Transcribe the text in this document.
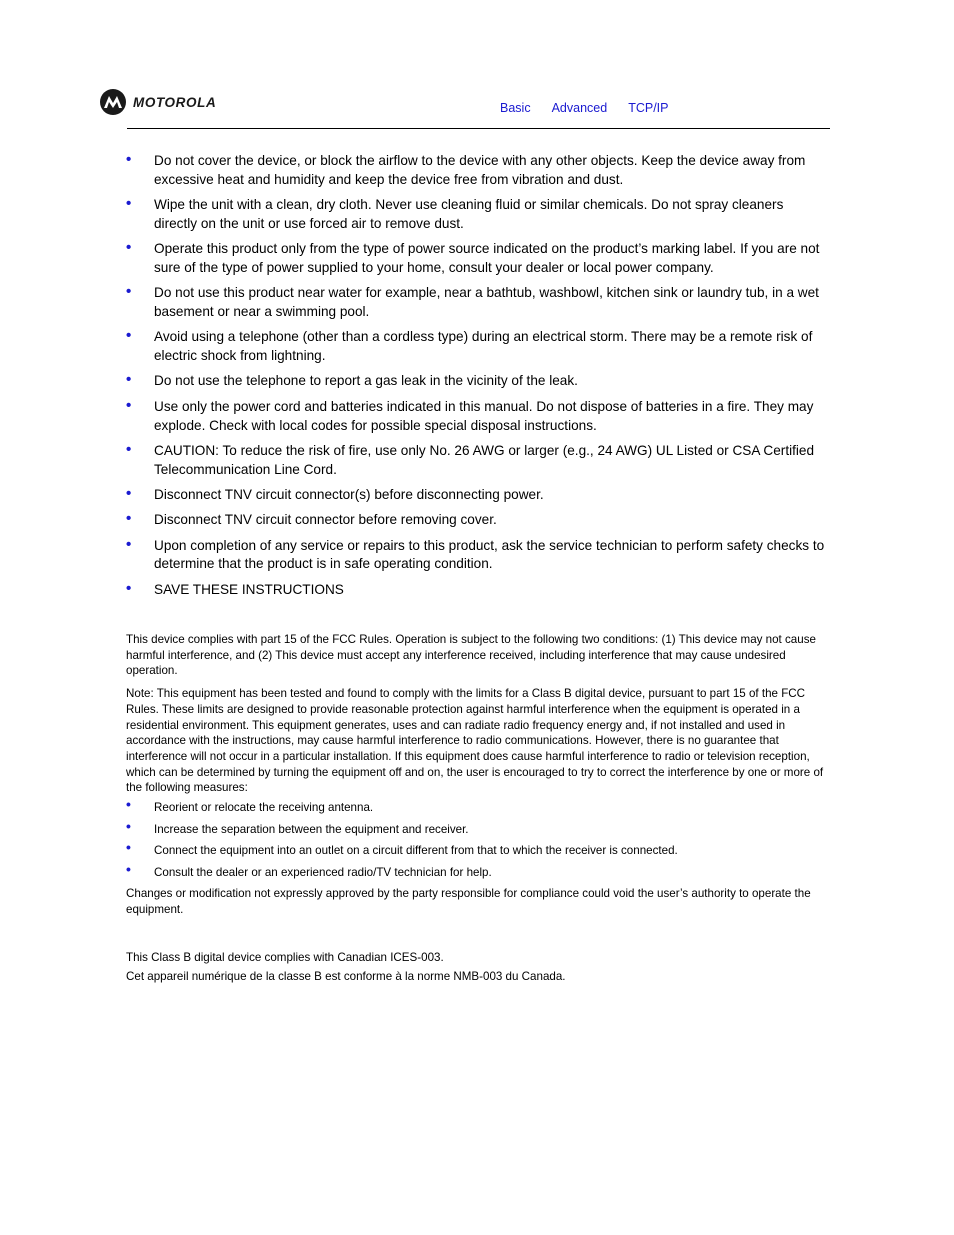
MOTOROLA	Basic Advanced TCP/IP
• Do not cover the device, or block the airflow to the device with any other objects. Keep the device away from excessive heat and humidity and keep the device free from vibration and dust.
• Wipe the unit with a clean, dry cloth. Never use cleaning fluid or similar chemicals. Do not spray cleaners directly on the unit or use forced air to remove dust.
• Operate this product only from the type of power source indicated on the product’s marking label. If you are not sure of the type of power supplied to your home, consult your dealer or local power company.
• Do not use this product near water for example, near a bathtub, washbowl, kitchen sink or laundry tub, in a wet basement or near a swimming pool.
• Avoid using a telephone (other than a cordless type) during an electrical storm. There may be a remote risk of electric shock from lightning.
• Do not use the telephone to report a gas leak in the vicinity of the leak.
• Use only the power cord and batteries indicated in this manual. Do not dispose of batteries in a fire. They may explode. Check with local codes for possible special disposal instructions.
• CAUTION: To reduce the risk of fire, use only No. 26 AWG or larger (e.g., 24 AWG) UL Listed or CSA Certified Telecommunication Line Cord.
• Disconnect TNV circuit connector(s) before disconnecting power.
• Disconnect TNV circuit connector before removing cover.
• Upon completion of any service or repairs to this product, ask the service technician to perform safety checks to determine that the product is in safe operating condition.
• SAVE THESE INSTRUCTIONS

This device complies with part 15 of the FCC Rules. Operation is subject to the following two conditions: (1) This device may not cause harmful interference, and (2) This device must accept any interference received, including interference that may cause undesired operation.

Note: This equipment has been tested and found to comply with the limits for a Class B digital device, pursuant to part 15 of the FCC Rules. These limits are designed to provide reasonable protection against harmful interference when the equipment is operated in a residential environment. This equipment generates, uses and can radiate radio frequency energy and, if not installed and used in accordance with the instructions, may cause harmful interference to radio communications. However, there is no guarantee that interference will not occur in a particular installation. If this equipment does cause harmful interference to radio or television reception, which can be determined by turning the equipment off and on, the user is encouraged to try to correct the interference by one or more of the following measures:

• Reorient or relocate the receiving antenna.
• Increase the separation between the equipment and receiver.
• Connect the equipment into an outlet on a circuit different from that to which the receiver is connected.
• Consult the dealer or an experienced radio/TV technician for help.

Changes or modification not expressly approved by the party responsible for compliance could void the user’s authority to operate the equipment.

This Class B digital device complies with Canadian ICES-003.

Cet appareil numérique de la classe B est conforme à la norme NMB-003 du Canada.
